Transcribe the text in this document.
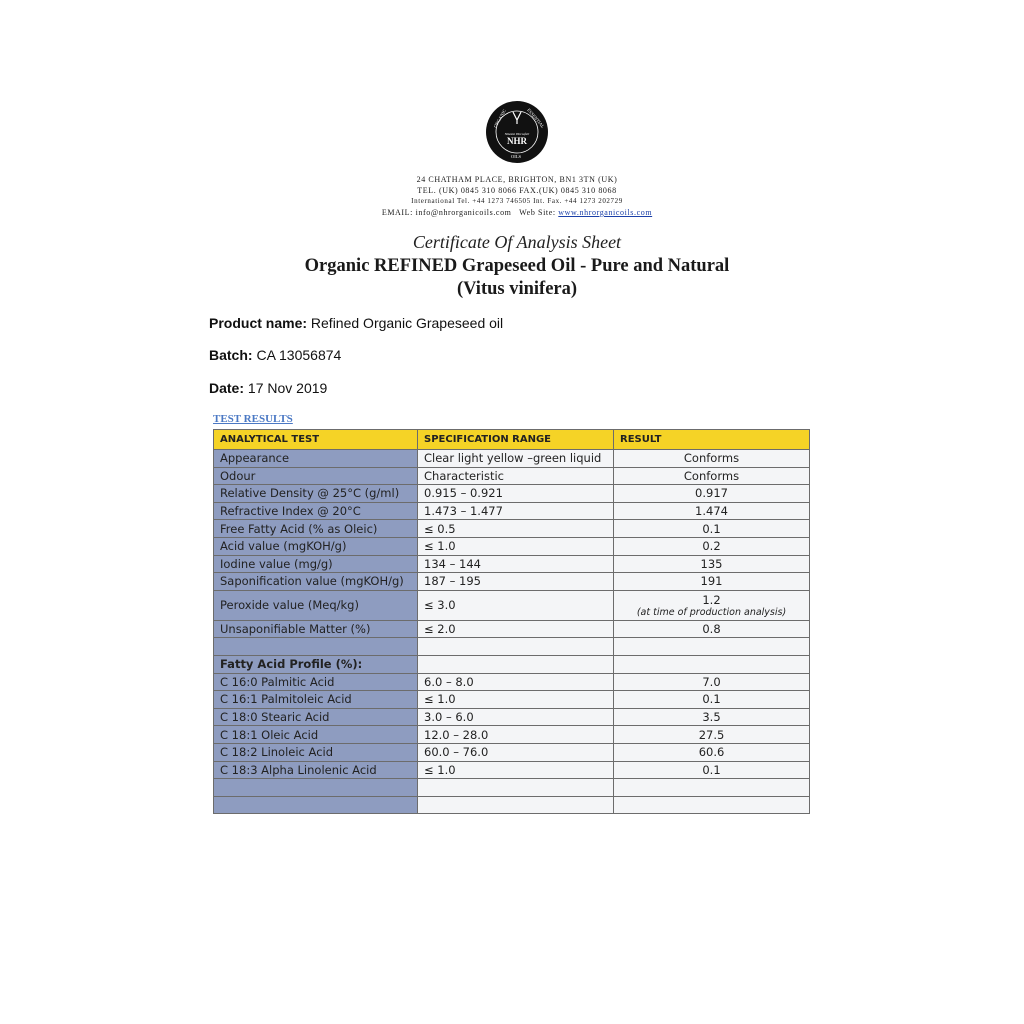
NHR
Nikolai Horsefall
ORGANIC	ESSENTIAL
OILS
24 CHATHAM PLACE, BRIGHTON, BN1 3TN (UK)
TEL. (UK) 0845 310 8066 FAX.(UK) 0845 310 8068
International Tel. +44 1273 746505 Int. Fax. +44 1273 202729
EMAIL: info@nhrorganicoils.com Web Site: www.nhrorganicoils.com
Certificate Of Analysis Sheet
Organic REFINED Grapeseed Oil - Pure and Natural
(Vitus vinifera)
Product name: Refined Organic Grapeseed oil
Batch: CA 13056874
Date: 17 Nov 2019
TEST RESULTS
ANALYTICAL TEST	SPECIFICATION RANGE	RESULT
Appearance	Clear light yellow –green liquid	Conforms
Odour	Characteristic	Conforms
Relative Density @ 25°C (g/ml)	0.915 – 0.921	0.917
Refractive Index @ 20°C	1.473 – 1.477	1.474
Free Fatty Acid (% as Oleic)	≤ 0.5	0.1
Acid value (mgKOH/g)	≤ 1.0	0.2
Iodine value (mg/g)	134 – 144	135
Saponification value (mgKOH/g)	187 – 195	191
Peroxide value (Meq/kg)	≤ 3.0	1.2
(at time of production analysis)

Unsaponifiable Matter (%)	≤ 2.0	0.8

Fatty Acid Profile (%):		
C 16:0 Palmitic Acid	6.0 – 8.0	7.0
C 16:1 Palmitoleic Acid	≤ 1.0	0.1
C 18:0 Stearic Acid	3.0 – 6.0	3.5
C 18:1 Oleic Acid	12.0 – 28.0	27.5
C 18:2 Linoleic Acid	60.0 – 76.0	60.6
C 18:3 Alpha Linolenic Acid	≤ 1.0	0.1
